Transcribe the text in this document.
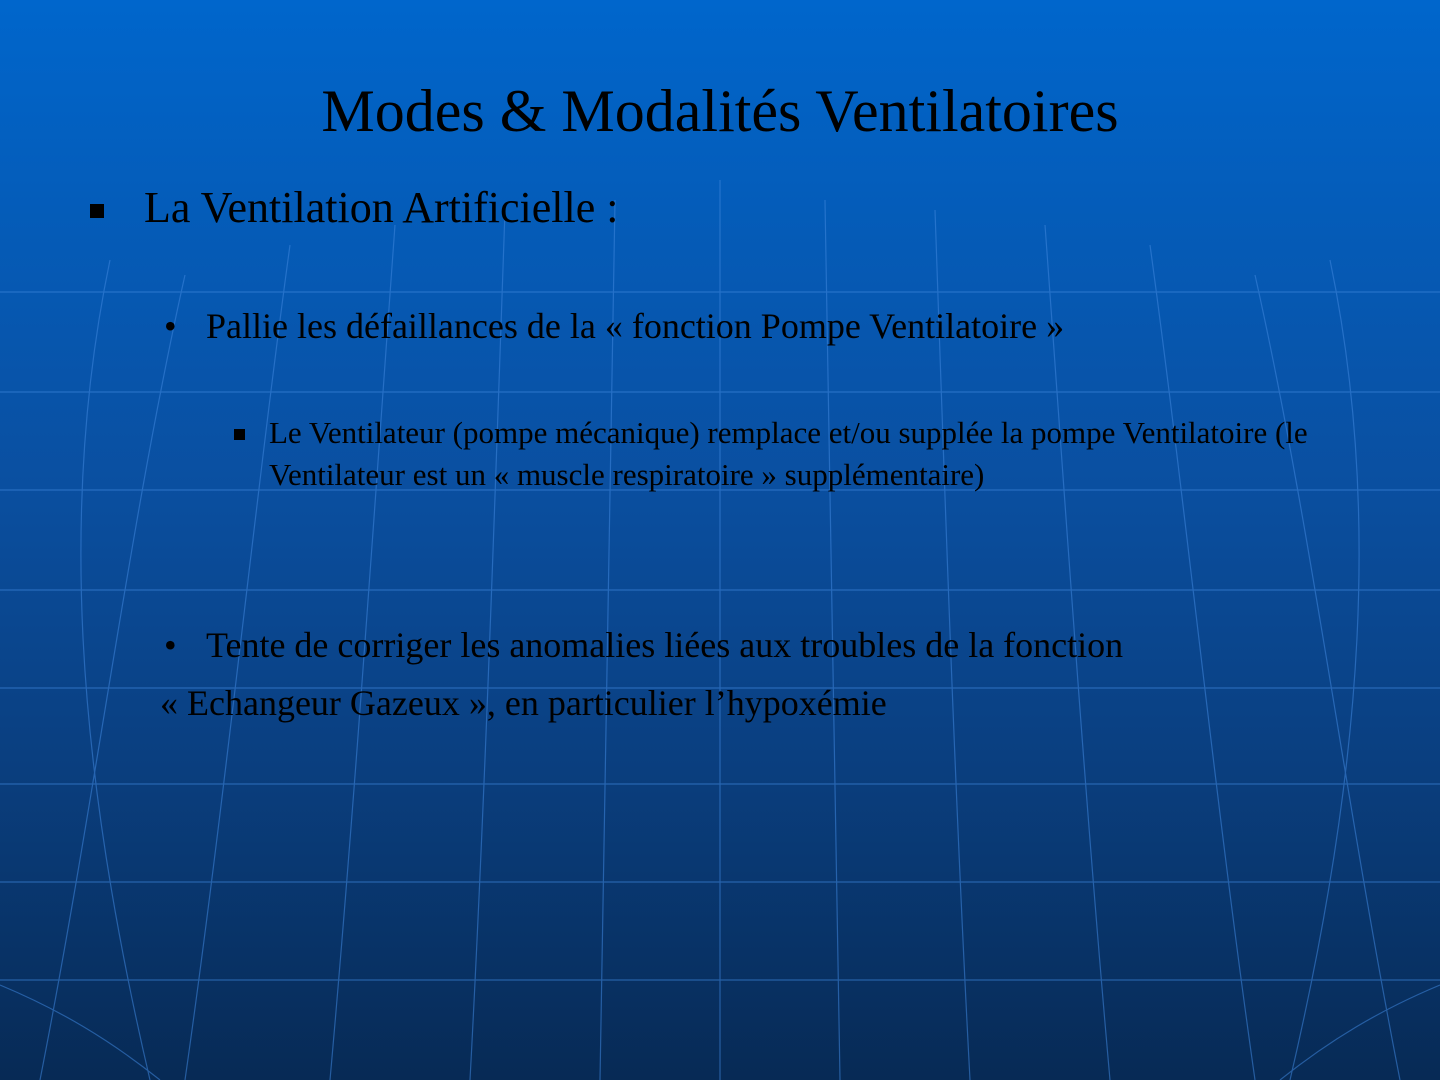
Modes & Modalités Ventilatoires
La Ventilation Artificielle :
• Pallie les défaillances de la « fonction Pompe Ventilatoire »
Le Ventilateur (pompe mécanique) remplace et/ou supplée la pompe Ventilatoire (le Ventilateur est un « muscle respiratoire » supplémentaire)
• Tente de corriger les anomalies liées aux troubles de la fonction
« Echangeur Gazeux », en particulier l’hypoxémie
